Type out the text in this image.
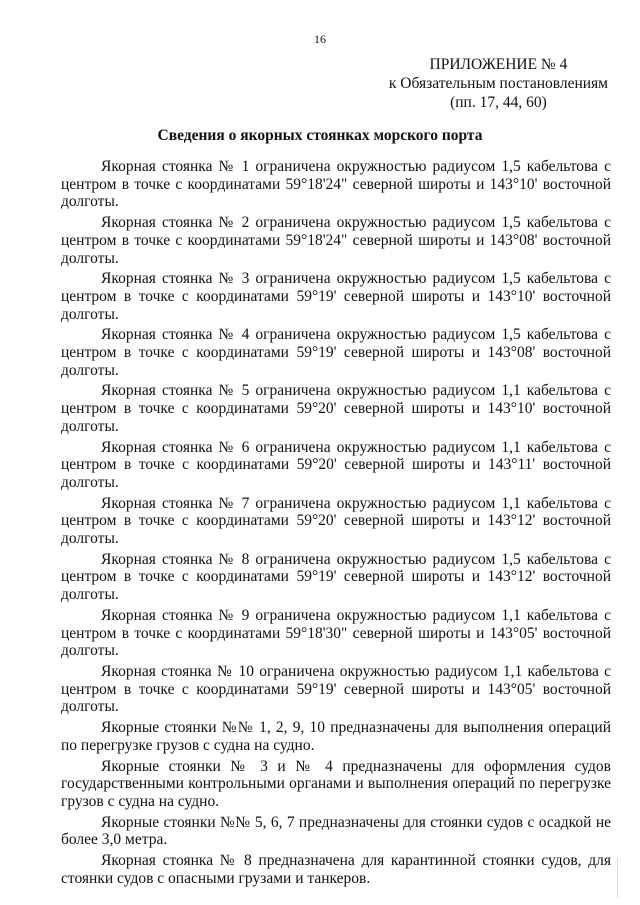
16
ПРИЛОЖЕНИЕ № 4
к Обязательным постановлениям
(пп. 17, 44, 60)
Сведения о якорных стоянках морского порта

Якорная стоянка № 1 ограничена окружностью радиусом 1,5 кабельтова с центром в точке с координатами 59°18'24" северной широты и 143°10' восточной долготы.

Якорная стоянка № 2 ограничена окружностью радиусом 1,5 кабельтова с центром в точке с координатами 59°18'24" северной широты и 143°08' восточной долготы.

Якорная стоянка № 3 ограничена окружностью радиусом 1,5 кабельтова с центром в точке с координатами 59°19' северной широты и 143°10' восточной долготы.

Якорная стоянка № 4 ограничена окружностью радиусом 1,5 кабельтова с центром в точке с координатами 59°19' северной широты и 143°08' восточной долготы.

Якорная стоянка № 5 ограничена окружностью радиусом 1,1 кабельтова с центром в точке с координатами 59°20' северной широты и 143°10' восточной долготы.

Якорная стоянка № 6 ограничена окружностью радиусом 1,1 кабельтова с центром в точке с координатами 59°20' северной широты и 143°11' восточной долготы.

Якорная стоянка № 7 ограничена окружностью радиусом 1,1 кабельтова с центром в точке с координатами 59°20' северной широты и 143°12' восточной долготы.

Якорная стоянка № 8 ограничена окружностью радиусом 1,5 кабельтова с центром в точке с координатами 59°19' северной широты и 143°12' восточной долготы.

Якорная стоянка № 9 ограничена окружностью радиусом 1,1 кабельтова с центром в точке с координатами 59°18'30" северной широты и 143°05' восточной долготы.

Якорная стоянка № 10 ограничена окружностью радиусом 1,1 кабельтова с центром в точке с координатами 59°19' северной широты и 143°05' восточной долготы.

Якорные стоянки №№ 1, 2, 9, 10 предназначены для выполнения операций по перегрузке грузов с судна на судно.

Якорные стоянки № 3 и № 4 предназначены для оформления судов государственными контрольными органами и выполнения операций по перегрузке грузов с судна на судно.

Якорные стоянки №№ 5, 6, 7 предназначены для стоянки судов с осадкой не более 3,0 метра.

Якорная стоянка № 8 предназначена для карантинной стоянки судов, для стоянки судов с опасными грузами и танкеров.
